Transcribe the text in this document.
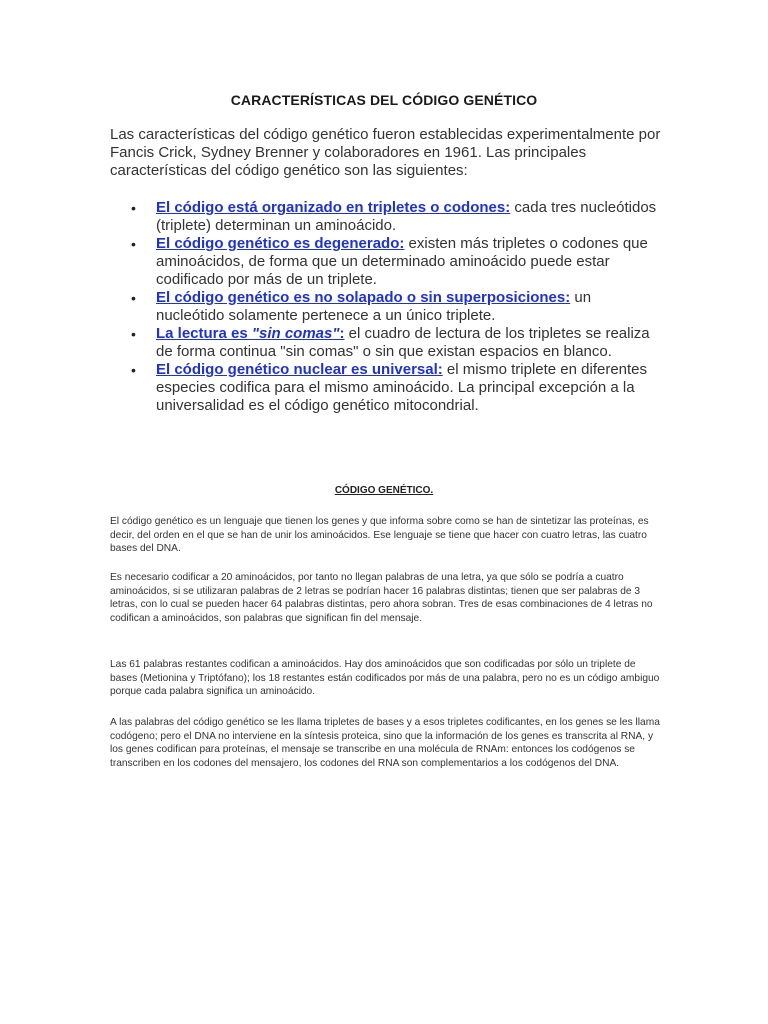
CARACTERÍSTICAS DEL CÓDIGO GENÉTICO

Las características del código genético fueron establecidas experimentalmente por Fancis Crick, Sydney Brenner y colaboradores en 1961. Las principales características del código genético son las siguientes:

• El código está organizado en tripletes o codones: cada tres nucleótidos (triplete) determinan un aminoácido.
• El código genético es degenerado: existen más tripletes o codones que aminoácidos, de forma que un determinado aminoácido puede estar codificado por más de un triplete.
• El código genético es no solapado o sin superposiciones: un nucleótido solamente pertenece a un único triplete.
• La lectura es "sin comas": el cuadro de lectura de los tripletes se realiza de forma continua "sin comas" o sin que existan espacios en blanco.
• El código genético nuclear es universal: el mismo triplete en diferentes especies codifica para el mismo aminoácido. La principal excepción a la universalidad es el código genético mitocondrial.
CÓDIGO GENÉTICO.

El código genético es un lenguaje que tienen los genes y que informa sobre como se han de sintetizar las proteínas, es decir, del orden en el que se han de unir los aminoácidos. Ese lenguaje se tiene que hacer con cuatro letras, las cuatro bases del DNA.

Es necesario codificar a 20 aminoácidos, por tanto no llegan palabras de una letra, ya que sólo se podría a cuatro aminoácidos, si se utilizaran palabras de 2 letras se podrían hacer 16 palabras distintas; tienen que ser palabras de 3 letras, con lo cual se pueden hacer 64 palabras distintas, pero ahora sobran. Tres de esas combinaciones de 4 letras no codifican a aminoácidos, son palabras que significan fin del mensaje.

Las 61 palabras restantes codifican a aminoácidos. Hay dos aminoácidos que son codificadas por sólo un triplete de bases (Metionina y Triptófano); los 18 restantes están codificados por más de una palabra, pero no es un código ambiguo porque cada palabra significa un aminoácido.

A las palabras del código genético se les llama tripletes de bases y a esos tripletes codificantes, en los genes se les llama codógeno; pero el DNA no interviene en la síntesis proteica, sino que la información de los genes es transcrita al RNA, y los genes codifican para proteínas, el mensaje se transcribe en una molécula de RNAm: entonces los codógenos se transcriben en los codones del mensajero, los codones del RNA son complementarios a los codógenos del DNA.
